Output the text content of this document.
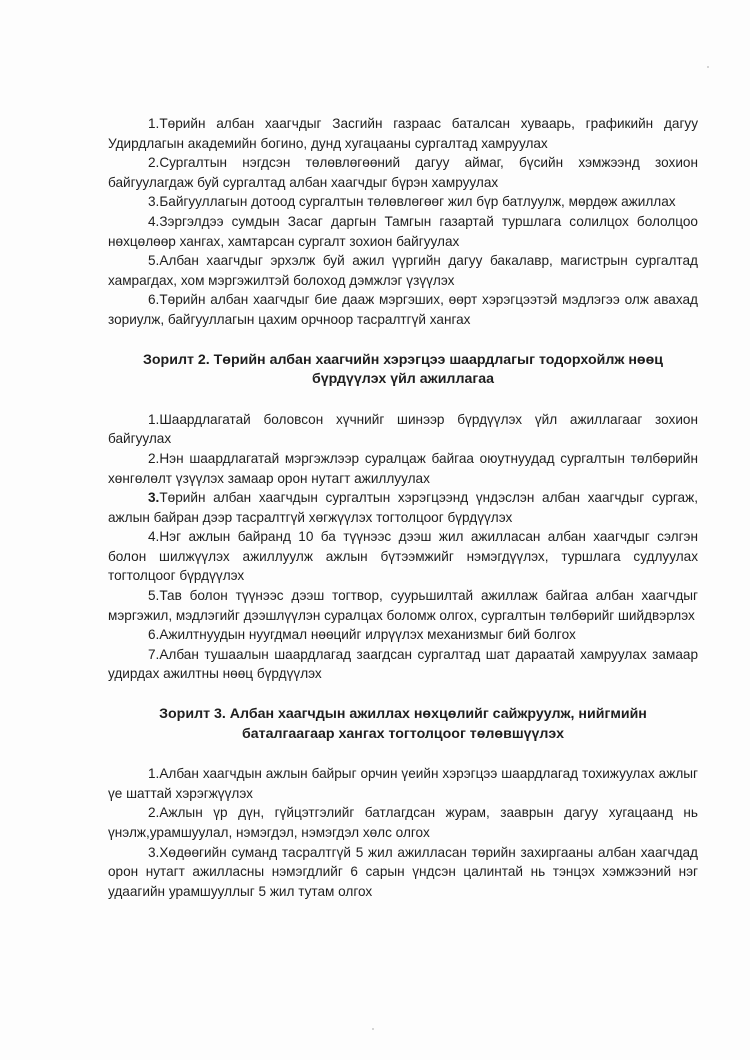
1.Төрийн албан хаагчдыг Засгийн газраас баталсан хуваарь, графикийн дагуу Удирдлагын академийн богино, дунд хугацааны сургалтад хамруулах

2.Сургалтын нэгдсэн төлөвлөгөөний дагуу аймаг, бүсийн хэмжээнд зохион байгуулагдаж буй сургалтад албан хаагчдыг бүрэн хамруулах

3.Байгууллагын дотоод сургалтын төлөвлөгөөг жил бүр батлуулж, мөрдөж ажиллах

4.Зэргэлдээ сумдын Засаг даргын Тамгын газартай туршлага солилцох бололцоо нөхцөлөөр хангах, хамтарсан сургалт зохион байгуулах

5.Албан хаагчдыг эрхэлж буй ажил үүргийн дагуу бакалавр, магистрын сургалтад хамрагдах, хом мэргэжилтэй болоход дэмжлэг үзүүлэх

6.Төрийн албан хаагчдыг бие дааж мэргэших, өөрт хэрэгцээтэй мэдлэгээ олж авахад зориулж, байгууллагын цахим орчноор тасралтгүй хангах

Зорилт 2. Төрийн албан хаагчийн хэрэгцээ шаардлагыг тодорхойлж нөөц бүрдүүлэх үйл ажиллагаа

1.Шаардлагатай боловсон хүчнийг шинээр бүрдүүлэх үйл ажиллагааг зохион байгуулах

2.Нэн шаардлагатай мэргэжлээр суралцаж байгаа оюутнуудад сургалтын төлбөрийн хөнгөлөлт үзүүлэх замаар орон нутагт ажиллуулах

3.Төрийн албан хаагчдын сургалтын хэрэгцээнд үндэслэн албан хаагчдыг сургаж, ажлын байран дээр тасралтгүй хөгжүүлэх тогтолцоог бүрдүүлэх

4.Нэг ажлын байранд 10 ба түүнээс дээш жил ажилласан албан хаагчдыг сэлгэн болон шилжүүлэх ажиллуулж ажлын бүтээмжийг нэмэгдүүлэх, туршлага судлуулах тогтолцоог бүрдүүлэх

5.Тав болон түүнээс дээш тогтвор, суурьшилтай ажиллаж байгаа албан хаагчдыг мэргэжил, мэдлэгийг дээшлүүлэн суралцах боломж олгох, сургалтын төлбөрийг шийдвэрлэх

6.Ажилтнуудын нуугдмал нөөцийг илрүүлэх механизмыг бий болгох

7.Албан тушаалын шаардлагад заагдсан сургалтад шат дараатай хамруулах замаар удирдах ажилтны нөөц бүрдүүлэх

Зорилт 3. Албан хаагчдын ажиллах нөхцөлийг сайжруулж, нийгмийн баталгаагаар хангах тогтолцоог төлөвшүүлэх

1.Албан хаагчдын ажлын байрыг орчин үеийн хэрэгцээ шаардлагад тохижуулах ажлыг үе шаттай хэрэгжүүлэх

2.Ажлын үр дүн, гүйцэтгэлийг батлагдсан журам, зааврын дагуу хугацаанд нь үнэлж,урамшуулал, нэмэгдэл, нэмэгдэл хөлс олгох

3.Хөдөөгийн суманд тасралтгүй 5 жил ажилласан төрийн захиргааны албан хаагчдад орон нутагт ажилласны нэмэгдлийг 6 сарын үндсэн цалинтай нь тэнцэх хэмжээний нэг удаагийн урамшууллыг 5 жил тутам олгох
